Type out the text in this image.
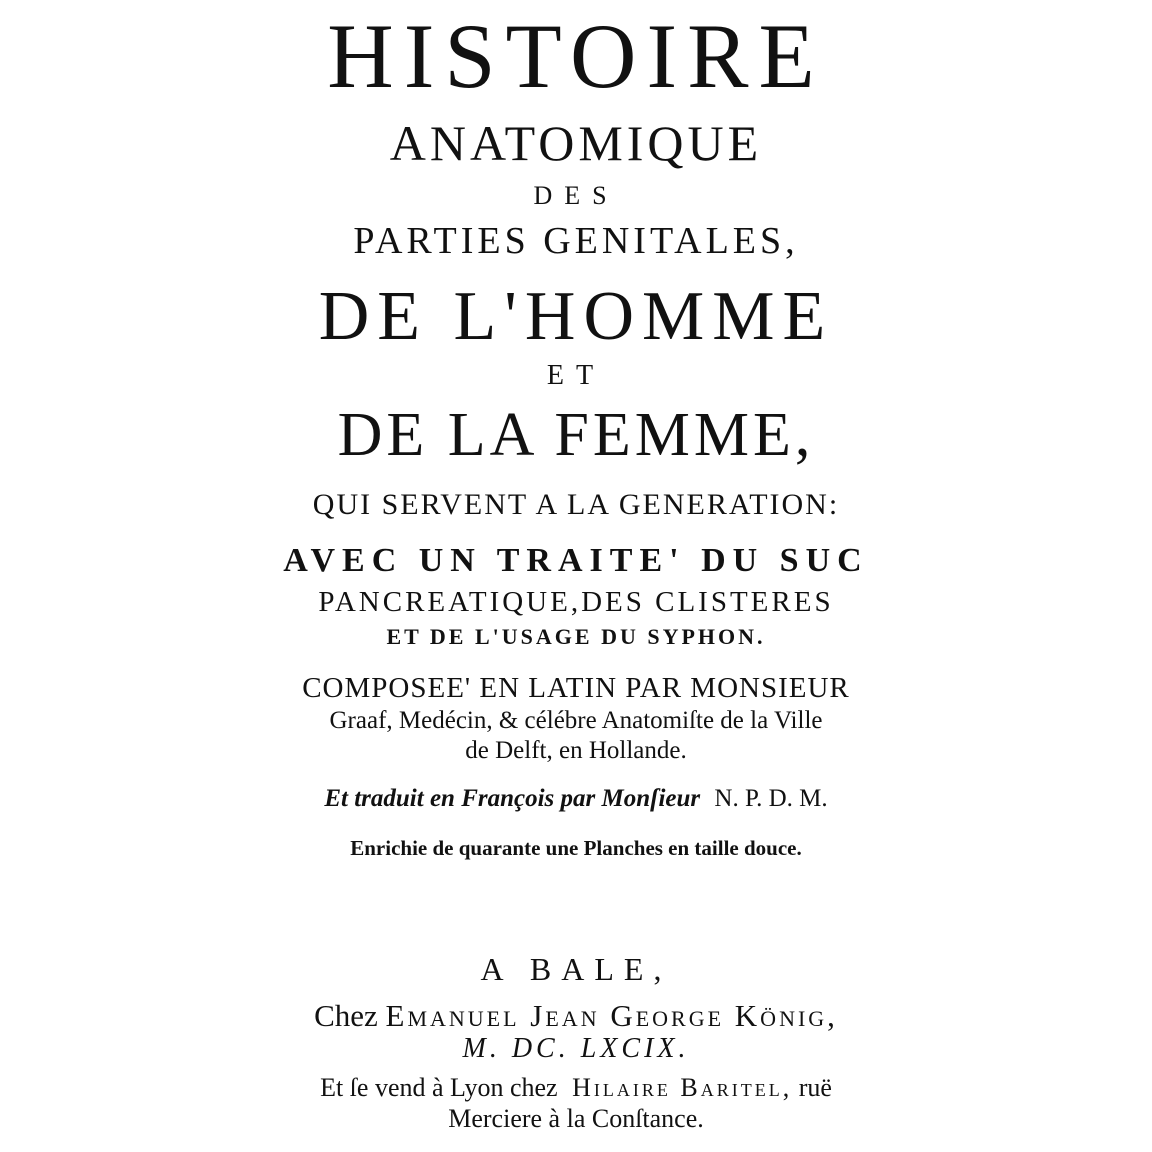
HISTOIRE
ANATOMIQUE
DES
PARTIES GENITALES,
DE L'HOMME
ET
DE LA FEMME,
QUI SERVENT A LA GENERATION:
AVEC UN TRAITE' DU SUC
PANCREATIQUE,DES CLISTERES
ET DE L'USAGE DU SYPHON.
COMPOSEE' EN LATIN PAR MONSIEUR
Graaf, Medécin, & célébre Anatomiſte de la Ville
de Delft, en Hollande.
Et traduit en François par Monſieur N. P. D. M.
Enrichie de quarante une Planches en taille douce.
A BALE,
Chez Emanuel Jean George König,
M. DC. LXCIX.
Et ſe vend à Lyon chez Hilaire Baritel, ruë
Merciere à la Conſtance.
